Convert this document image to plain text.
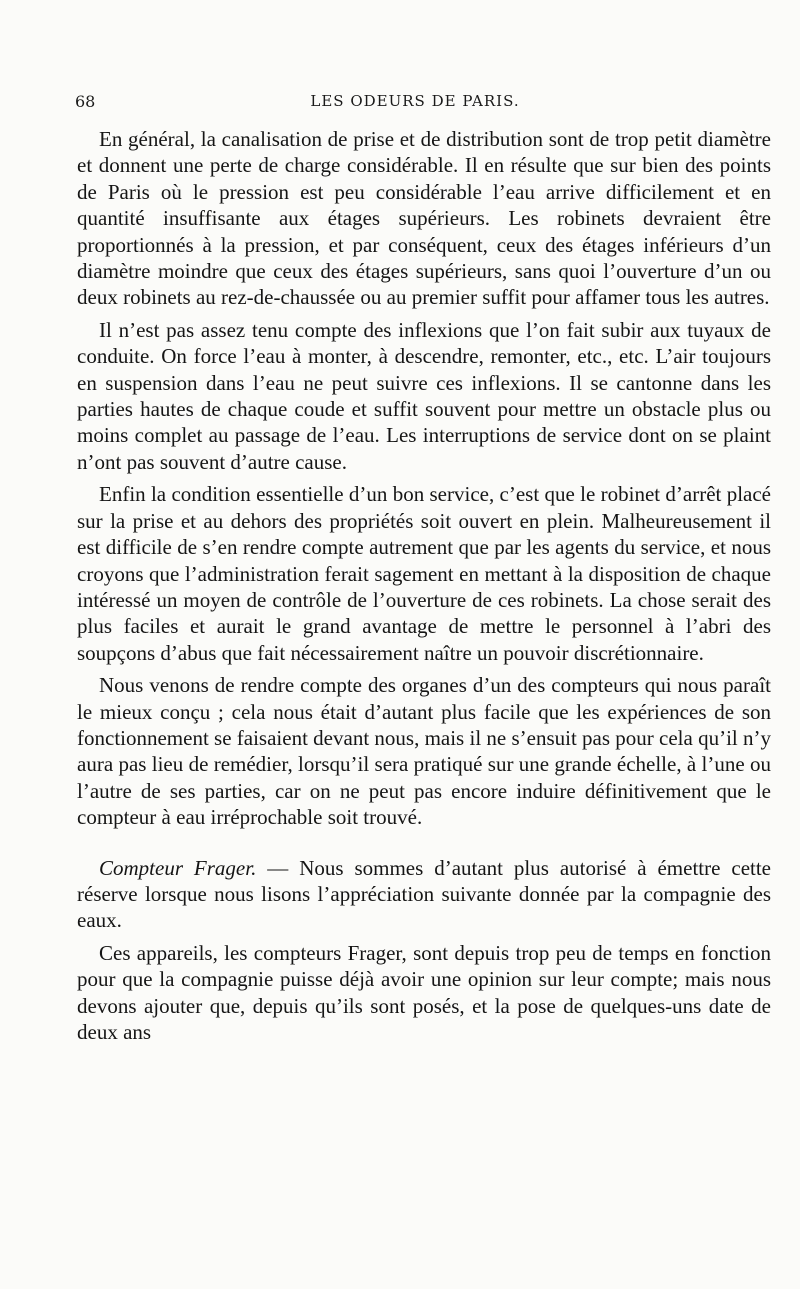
68	LES ODEURS DE PARIS.

En général, la canalisation de prise et de distribution sont de trop petit diamètre et donnent une perte de charge considérable. Il en résulte que sur bien des points de Paris où le pression est peu considérable l’eau arrive difficilement et en quantité insuffisante aux étages supérieurs. Les robinets devraient être proportionnés à la pression, et par conséquent, ceux des étages inférieurs d’un diamètre moindre que ceux des étages supérieurs, sans quoi l’ouverture d’un ou deux robinets au rez-de-chaussée ou au premier suffit pour affamer tous les autres.

Il n’est pas assez tenu compte des inflexions que l’on fait subir aux tuyaux de conduite. On force l’eau à monter, à descendre, remonter, etc., etc. L’air toujours en suspension dans l’eau ne peut suivre ces inflexions. Il se cantonne dans les parties hautes de chaque coude et suffit souvent pour mettre un obstacle plus ou moins complet au passage de l’eau. Les interruptions de service dont on se plaint n’ont pas souvent d’autre cause.

Enfin la condition essentielle d’un bon service, c’est que le robinet d’arrêt placé sur la prise et au dehors des propriétés soit ouvert en plein. Malheureusement il est difficile de s’en rendre compte autrement que par les agents du service, et nous croyons que l’administration ferait sagement en mettant à la disposition de chaque intéressé un moyen de contrôle de l’ouverture de ces robinets. La chose serait des plus faciles et aurait le grand avantage de mettre le personnel à l’abri des soupçons d’abus que fait nécessairement naître un pouvoir discrétionnaire.

Nous venons de rendre compte des organes d’un des compteurs qui nous paraît le mieux conçu ; cela nous était d’autant plus facile que les expériences de son fonctionnement se faisaient devant nous, mais il ne s’ensuit pas pour cela qu’il n’y aura pas lieu de remédier, lorsqu’il sera pratiqué sur une grande échelle, à l’une ou l’autre de ses parties, car on ne peut pas encore induire définitivement que le compteur à eau irréprochable soit trouvé.

Compteur Frager. — Nous sommes d’autant plus autorisé à émettre cette réserve lorsque nous lisons l’appréciation suivante donnée par la compagnie des eaux.

Ces appareils, les compteurs Frager, sont depuis trop peu de temps en fonction pour que la compagnie puisse déjà avoir une opinion sur leur compte; mais nous devons ajouter que, depuis qu’ils sont posés, et la pose de quelques-uns date de deux ans
